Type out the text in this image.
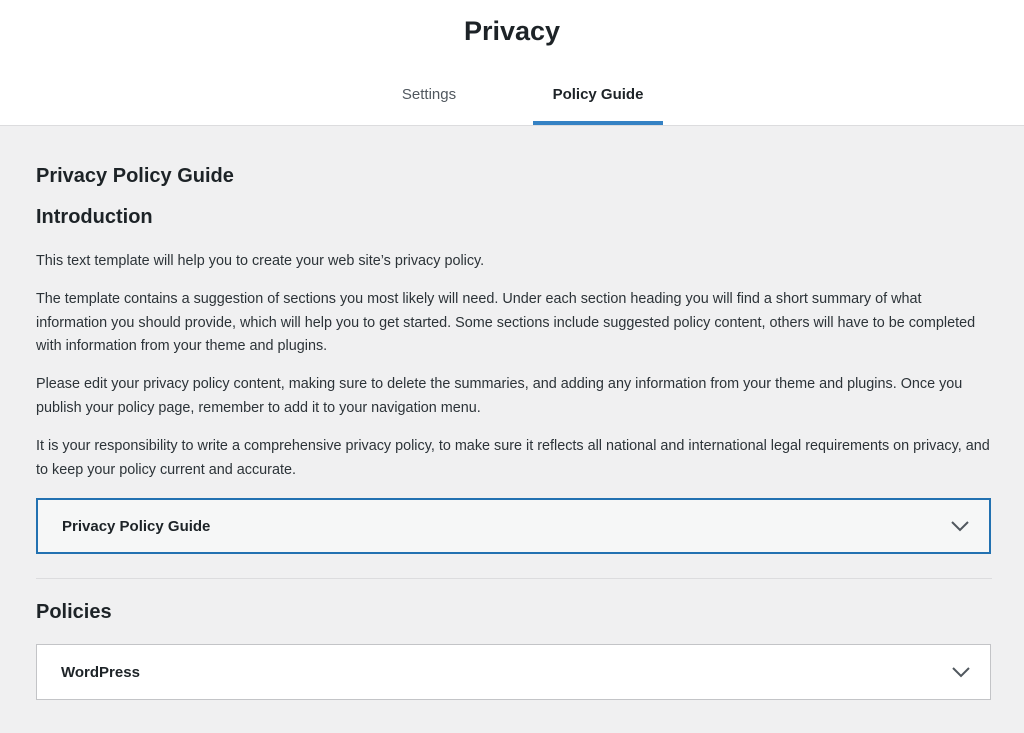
Privacy
Settings	Policy Guide
Privacy Policy Guide
Introduction

This text template will help you to create your web site’s privacy policy.

The template contains a suggestion of sections you most likely will need. Under each section heading you will find a short summary of what information you should provide, which will help you to get started. Some sections include suggested policy content, others will have to be completed with information from your theme and plugins.

Please edit your privacy policy content, making sure to delete the summaries, and adding any information from your theme and plugins. Once you publish your policy page, remember to add it to your navigation menu.

It is your responsibility to write a comprehensive privacy policy, to make sure it reflects all national and international legal requirements on privacy, and to keep your policy current and accurate.

Privacy Policy Guide
Policies
WordPress
